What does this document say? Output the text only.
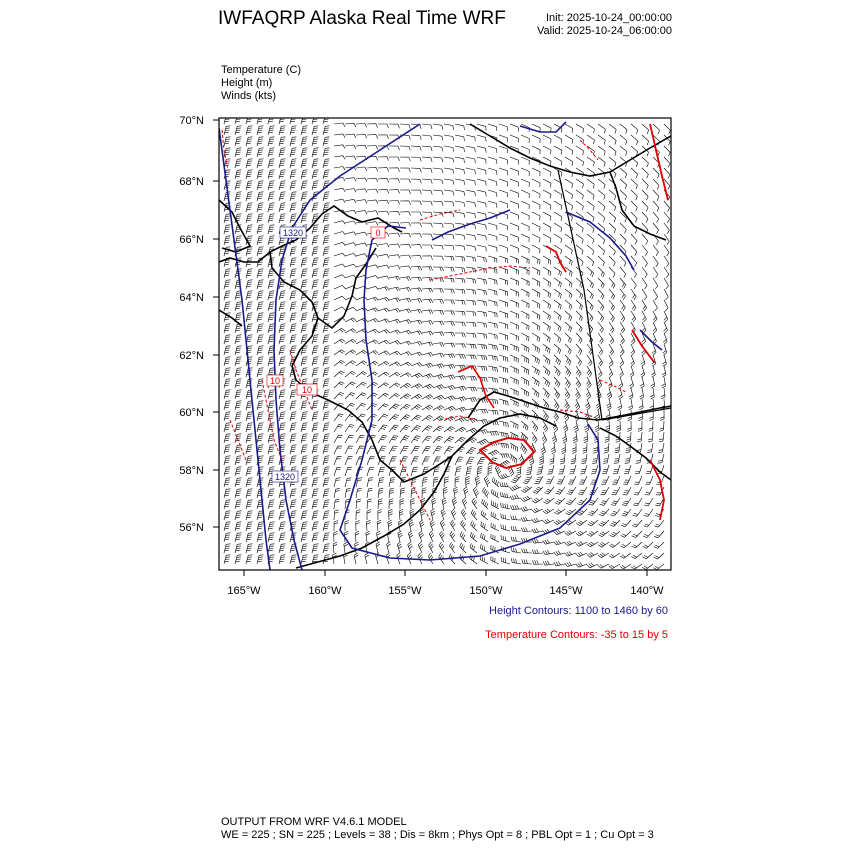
1320
1320
0
10
10
70°N
68°N
66°N
64°N
62°N
60°N
58°N
56°N
165°W	160°W	155°W	150°W	145°W	140°W
IWFAQRP Alaska Real Time WRF	Init: 2025-10-24_00:00:00
Valid: 2025-10-24_06:00:00
Temperature (C)
Height (m)
Winds (kts)
Height Contours: 1100 to 1460 by 60
Temperature Contours: -35 to 15 by 5
OUTPUT FROM WRF V4.6.1 MODEL
WE = 225 ; SN = 225 ; Levels = 38 ; Dis = 8km ; Phys Opt = 8 ; PBL Opt = 1 ; Cu Opt = 3
